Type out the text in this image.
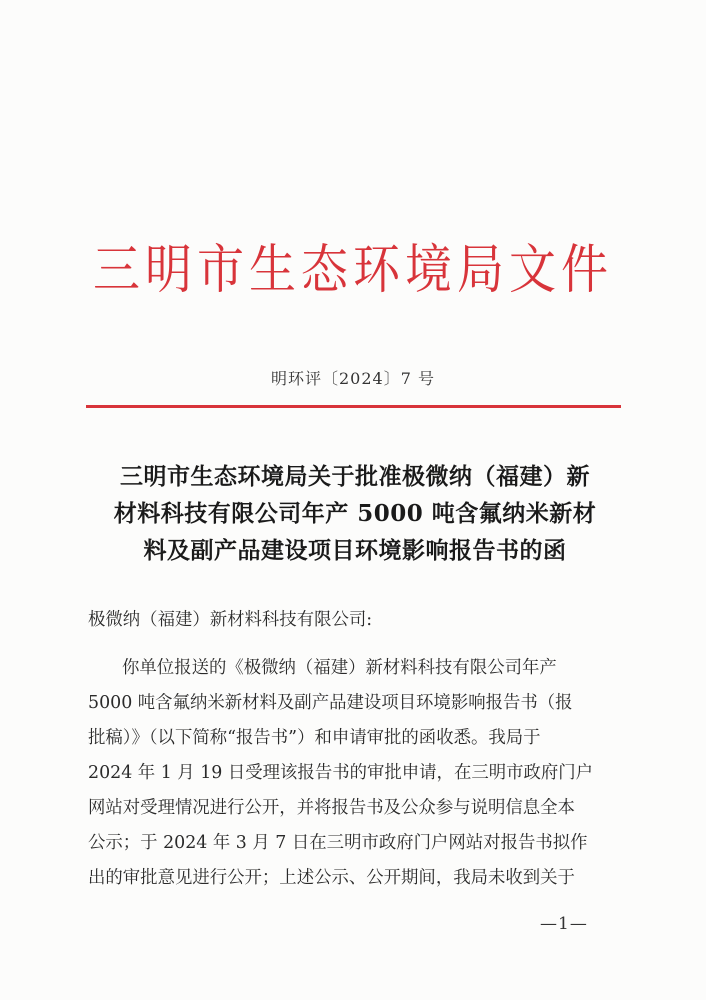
三明市生态环境局文件
明环评〔2024〕7 号
三明市生态环境局关于批准极微纳（福建）新
材料科技有限公司年产 5000 吨含氟纳米新材
料及副产品建设项目环境影响报告书的函
极微纳（福建）新材料科技有限公司:
你单位报送的《极微纳（福建）新材料科技有限公司年产
5000 吨含氟纳米新材料及副产品建设项目环境影响报告书（报
批稿）》（以下简称“报告书”）和申请审批的函收悉。我局于
2024 年 1 月 19 日受理该报告书的审批申请，在三明市政府门户
网站对受理情况进行公开，并将报告书及公众参与说明信息全本
公示；于 2024 年 3 月 7 日在三明市政府门户网站对报告书拟作
出的审批意见进行公开；上述公示、公开期间，我局未收到关于
—1—
